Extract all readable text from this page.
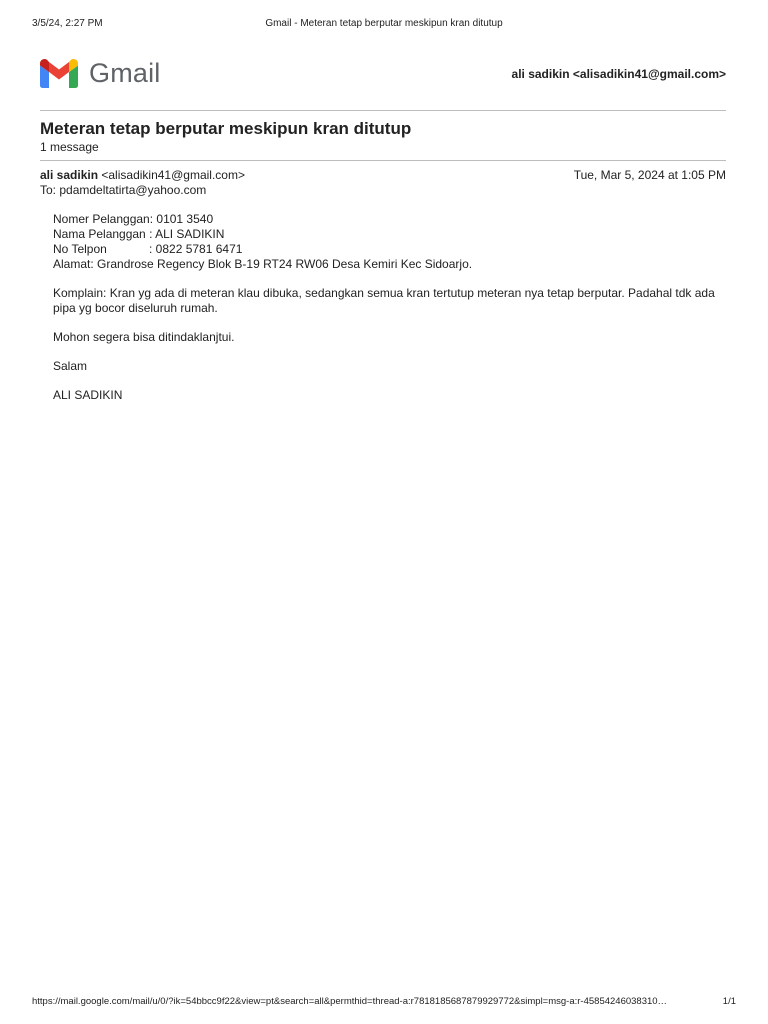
3/5/24, 2:27 PM	Gmail - Meteran tetap berputar meskipun kran ditutup
Gmail	ali sadikin <alisadikin41@gmail.com>
Meteran tetap berputar meskipun kran ditutup
1 message
ali sadikin <alisadikin41@gmail.com>	Tue, Mar 5, 2024 at 1:05 PM
To: pdamdeltatirta@yahoo.com

Nomer Pelanggan: 0101 3540
Nama Pelanggan : ALI SADIKIN
No Telpon	: 0822 5781 6471
Alamat: Grandrose Regency Blok B-19 RT24 RW06 Desa Kemiri Kec Sidoarjo.

Komplain: Kran yg ada di meteran klau dibuka, sedangkan semua kran tertutup meteran nya tetap berputar. Padahal tdk ada pipa yg bocor diseluruh rumah.

Mohon segera bisa ditindaklanjtui.

Salam

ALI SADIKIN

https://mail.google.com/mail/u/0/?ik=54bbcc9f22&view=pt&search=all&permthid=thread-a:r7818185687879929772&simpl=msg-a:r-45854246038310…	1/1
